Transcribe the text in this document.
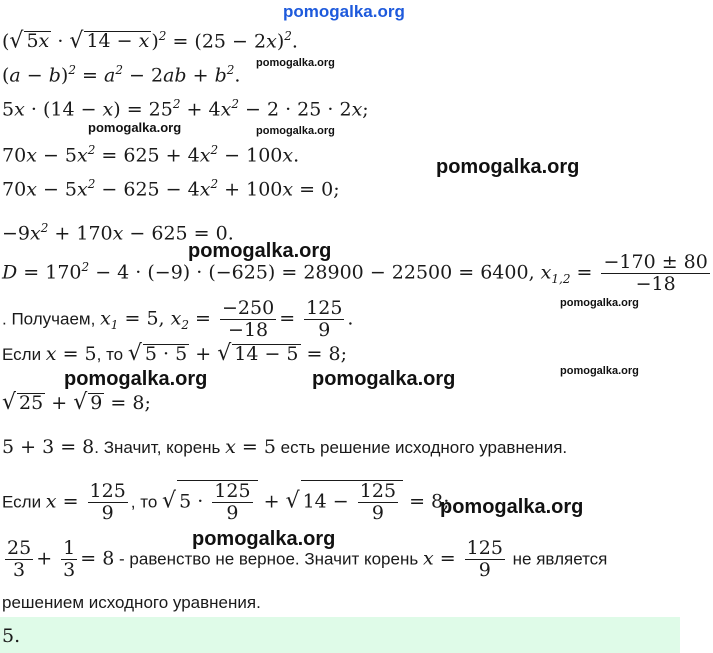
pomogalka.org
pomogalka.org
pomogalka.org
pomogalka.org
pomogalka.org
pomogalka.org
pomogalka.org
pomogalka.org	pomogalka.org	pomogalka.org
pomogalka.org
pomogalka.org
(√ 5x · √ 14 − x )$^2 = (25 - 2x)^2$.
$(a - b)^2 = a^2 - 2ab + b^2$.
$5x \cdot (14 - x) = 25^2 + 4x^2 - 2 \cdot 25 \cdot 2x$;
$70x - 5x^2 = 625 + 4x^2 - 100x$.
$70x - 5x^2 - 625 - 4x^2 + 100x = 0$;
$-9x^2 + 170x - 625 = 0$.
$D = 170^2 - 4 \cdot (-9) \cdot (-625) = 28900 - 22500 = 6400$, $x_{1,2} = \frac{-170 \pm 80}{-18}$
. Получаем, $x_1 = 5$, $x_2 = \frac{-250}{-18} = \frac{125}{9}$ .
Если x = 5, то √ 5 · 5 + √ 14 − 5 = 8;
√ 25 + √ 9 = 8;
5 + 3 = 8. Значит, корень x = 5 есть решение исходного уравнения.
Если $x = \frac{125}{9}$ , то √ $5 \cdot \frac{125}{9}$ + √ $14 - \frac{125}{9} = 8$;
$\frac{25}{3} + \frac{1}{3} = 8$ - равенство не верное. Значит корень $x = \frac{125}{9}$ не является
решением исходного уравнения.
5.
